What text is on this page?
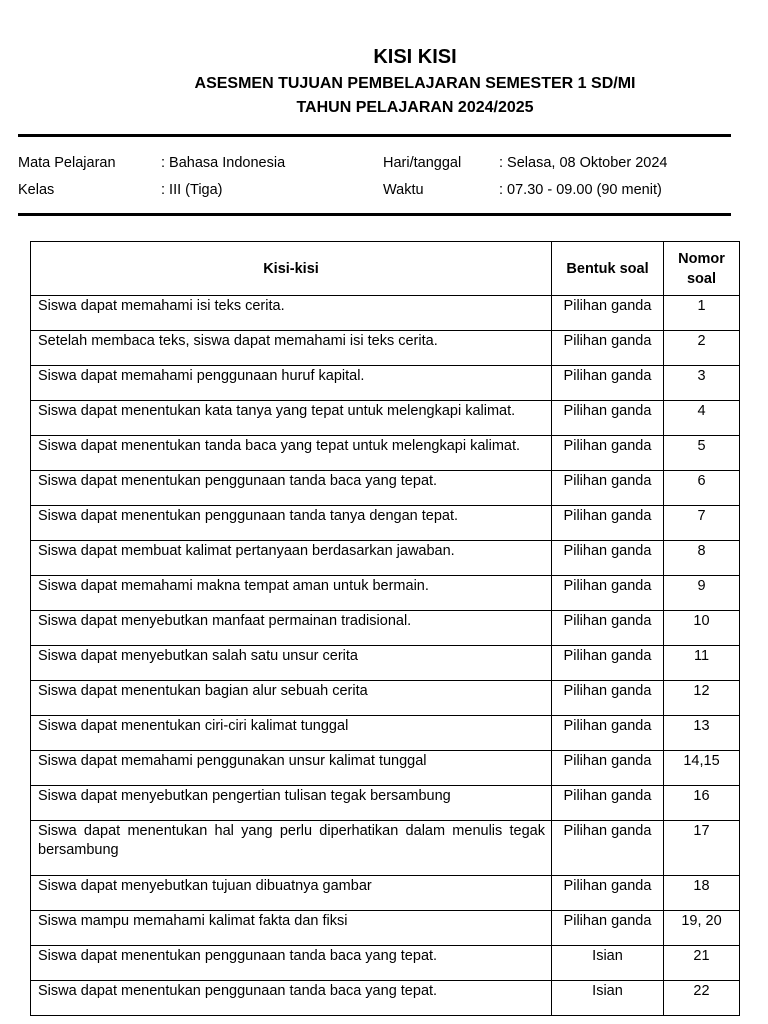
KISI KISI
ASESMEN TUJUAN PEMBELAJARAN SEMESTER 1 SD/MI
TAHUN PELAJARAN 2024/2025
Mata Pelajaran	: Bahasa Indonesia	Hari/tanggal	: Selasa, 08 Oktober 2024
Kelas	: III (Tiga)	Waktu	: 07.30 - 09.00 (90 menit)
Kisi-kisi	Bentuk soal	Nomor soal
Siswa dapat memahami isi teks cerita.	Pilihan ganda	1
Setelah membaca teks, siswa dapat memahami isi teks cerita.	Pilihan ganda	2
Siswa dapat memahami penggunaan huruf kapital.	Pilihan ganda	3
Siswa dapat menentukan kata tanya yang tepat untuk melengkapi kalimat.	Pilihan ganda	4
Siswa dapat menentukan tanda baca yang tepat untuk melengkapi kalimat.	Pilihan ganda	5
Siswa dapat menentukan penggunaan tanda baca yang tepat.	Pilihan ganda	6
Siswa dapat menentukan penggunaan tanda tanya dengan tepat.	Pilihan ganda	7
Siswa dapat membuat kalimat pertanyaan berdasarkan jawaban.	Pilihan ganda	8
Siswa dapat memahami makna tempat aman untuk bermain.	Pilihan ganda	9
Siswa dapat menyebutkan manfaat permainan tradisional.	Pilihan ganda	10
Siswa dapat menyebutkan salah satu unsur cerita	Pilihan ganda	11
Siswa dapat menentukan bagian alur sebuah cerita	Pilihan ganda	12
Siswa dapat menentukan ciri-ciri kalimat tunggal	Pilihan ganda	13
Siswa dapat memahami penggunakan unsur kalimat tunggal	Pilihan ganda	14,15
Siswa dapat menyebutkan pengertian tulisan tegak bersambung	Pilihan ganda	16
Siswa dapat menentukan hal yang perlu diperhatikan dalam menulis tegak bersambung	Pilihan ganda	17
Siswa dapat menyebutkan tujuan dibuatnya gambar	Pilihan ganda	18
Siswa mampu memahami kalimat fakta dan fiksi	Pilihan ganda	19, 20
Siswa dapat menentukan penggunaan tanda baca yang tepat.	Isian	21
Siswa dapat menentukan penggunaan tanda baca yang tepat.	Isian	22
